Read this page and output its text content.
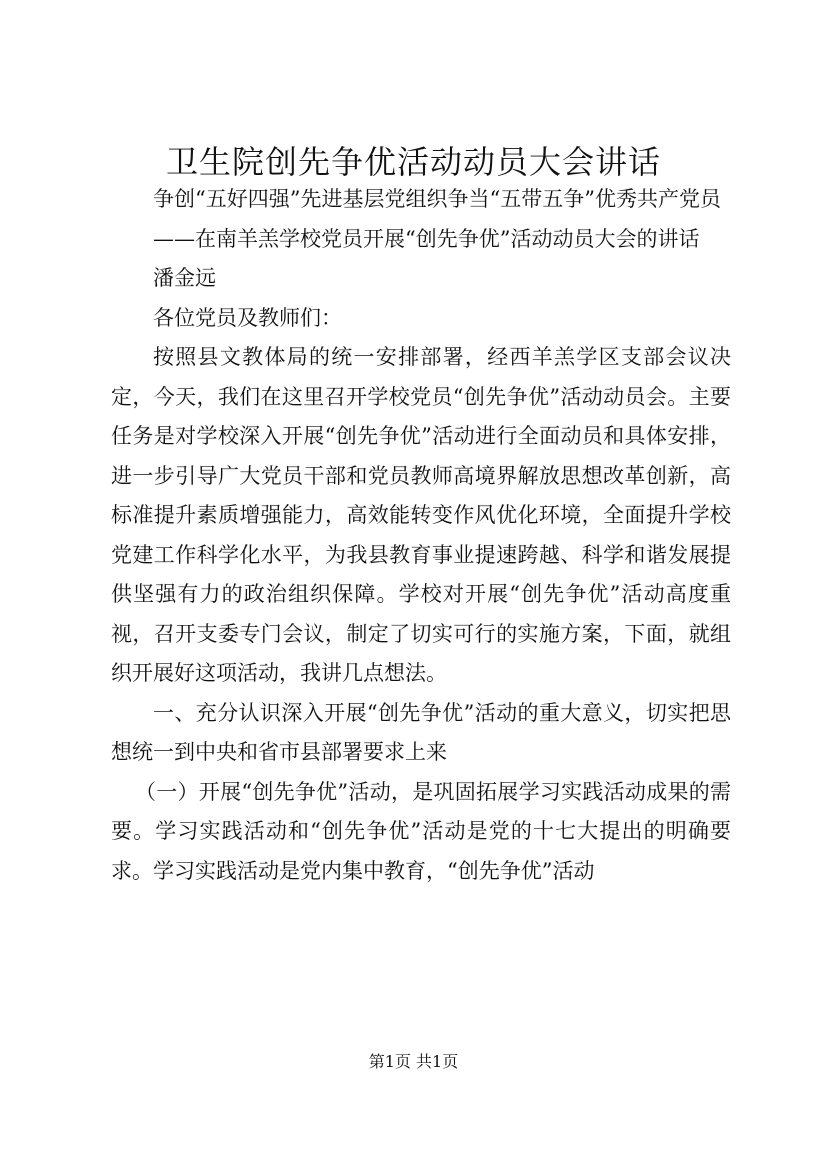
卫生院创先争优活动动员大会讲话

争创“五好四强”先进基层党组织争当“五带五争”优秀共产党员

——在南羊羔学校党员开展“创先争优”活动动员大会的讲话

潘金远

各位党员及教师们：

按照县文教体局的统一安排部署，经西羊羔学区支部会议决定，今天，我们在这里召开学校党员“创先争优”活动动员会。主要任务是对学校深入开展“创先争优”活动进行全面动员和具体安排，进一步引导广大党员干部和党员教师高境界解放思想改革创新，高标准提升素质增强能力，高效能转变作风优化环境，全面提升学校党建工作科学化水平，为我县教育事业提速跨越、科学和谐发展提供坚强有力的政治组织保障。学校对开展“创先争优”活动高度重视，召开支委专门会议，制定了切实可行的实施方案，下面，就组织开展好这项活动，我讲几点想法。

一、充分认识深入开展“创先争优”活动的重大意义，切实把思想统一到中央和省市县部署要求上来

（一）开展“创先争优”活动，是巩固拓展学习实践活动成果的需要。学习实践活动和“创先争优”活动是党的十七大提出的明确要求。学习实践活动是党内集中教育，“创先争优”活动

第1页 共1页
